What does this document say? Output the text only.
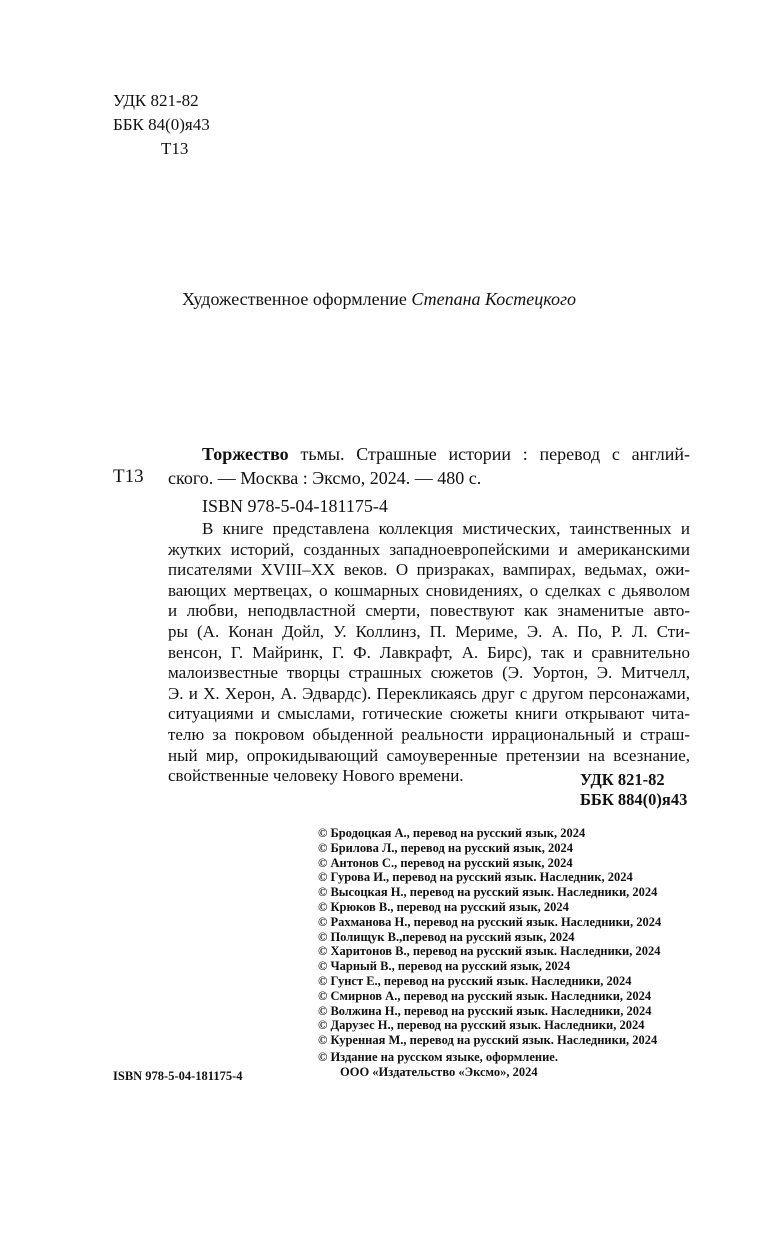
УДК 821-82
ББК 84(0)я43
Т13
Художественное оформление Степана Костецкого
Т13
Торжество тьмы. Страшные истории : перевод с англий-
ского. — Москва : Эксмо, 2024. — 480 с.
ISBN 978-5-04-181175-4
В книге представлена коллекция мистических, таинственных и
жутких историй, созданных западноевропейскими и американскими
писателями XVIII–XX веков. О призраках, вампирах, ведьмах, ожи-
вающих мертвецах, о кошмарных сновидениях, о сделках с дьяволом
и любви, неподвластной смерти, повествуют как знаменитые авто-
ры (А. Конан Дойл, У. Коллинз, П. Мериме, Э. А. По, Р. Л. Сти-
венсон, Г. Майринк, Г. Ф. Лавкрафт, А. Бирс), так и сравнительно
малоизвестные творцы страшных сюжетов (Э. Уортон, Э. Митчелл,
Э. и Х. Херон, А. Эдвардс). Перекликаясь друг с другом персонажами,
ситуациями и смыслами, готические сюжеты книги открывают чита-
телю за покровом обыденной реальности иррациональный и страш-
ный мир, опрокидывающий самоуверенные претензии на всезнание,
свойственные человеку Нового времени.	УДК 821-82
ББК 884(0)я43
© Бродоцкая А., перевод на русский язык, 2024
© Брилова Л., перевод на русский язык, 2024
© Антонов С., перевод на русский язык, 2024
© Гурова И., перевод на русский язык. Наследник, 2024
© Высоцкая Н., перевод на русский язык. Наследники, 2024
© Крюков В., перевод на русский язык, 2024
© Рахманова Н., перевод на русский язык. Наследники, 2024
© Полищук В.,перевод на русский язык, 2024
© Харитонов В., перевод на русский язык. Наследники, 2024
© Чарный В., перевод на русский язык, 2024
© Гунст Е., перевод на русский язык. Наследники, 2024
© Смирнов А., перевод на русский язык. Наследники, 2024
© Волжина Н., перевод на русский язык. Наследники, 2024
© Дарузес Н., перевод на русский язык. Наследники, 2024
© Куренная М., перевод на русский язык. Наследники, 2024
© Издание на русском языке, оформление.
ООО «Издательство «Эксмо», 2024
ISBN 978-5-04-181175-4
